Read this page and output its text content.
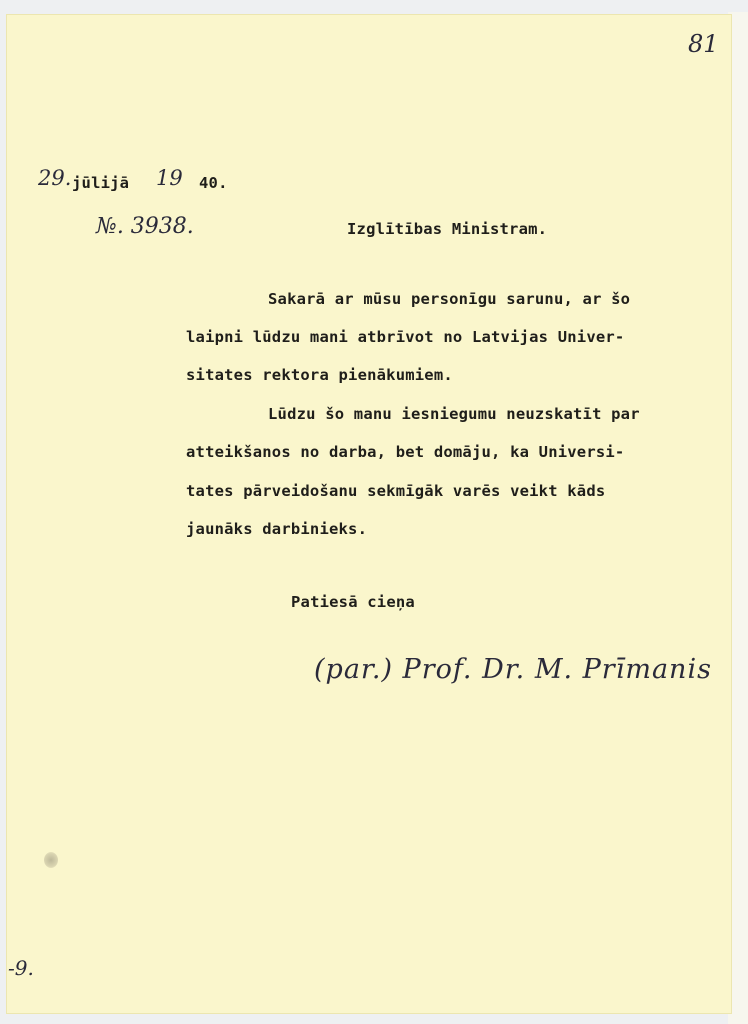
81
29. jūlijā 19 40.
№. 3938.	Izglītības Ministram.
Sakarā ar mūsu personīgu sarunu, ar šo
laipni lūdzu mani atbrīvot no Latvijas Univer-
sitates rektora pienākumiem.
Lūdzu šo manu iesniegumu neuzskatīt par
atteikšanos no darba, bet domāju, ka Universi-
tates pārveidošanu sekmīgāk varēs veikt kāds
jaunāks darbinieks.
Patiesā cieņa
(par.) Prof. Dr. M. Prīmanis
-9.
